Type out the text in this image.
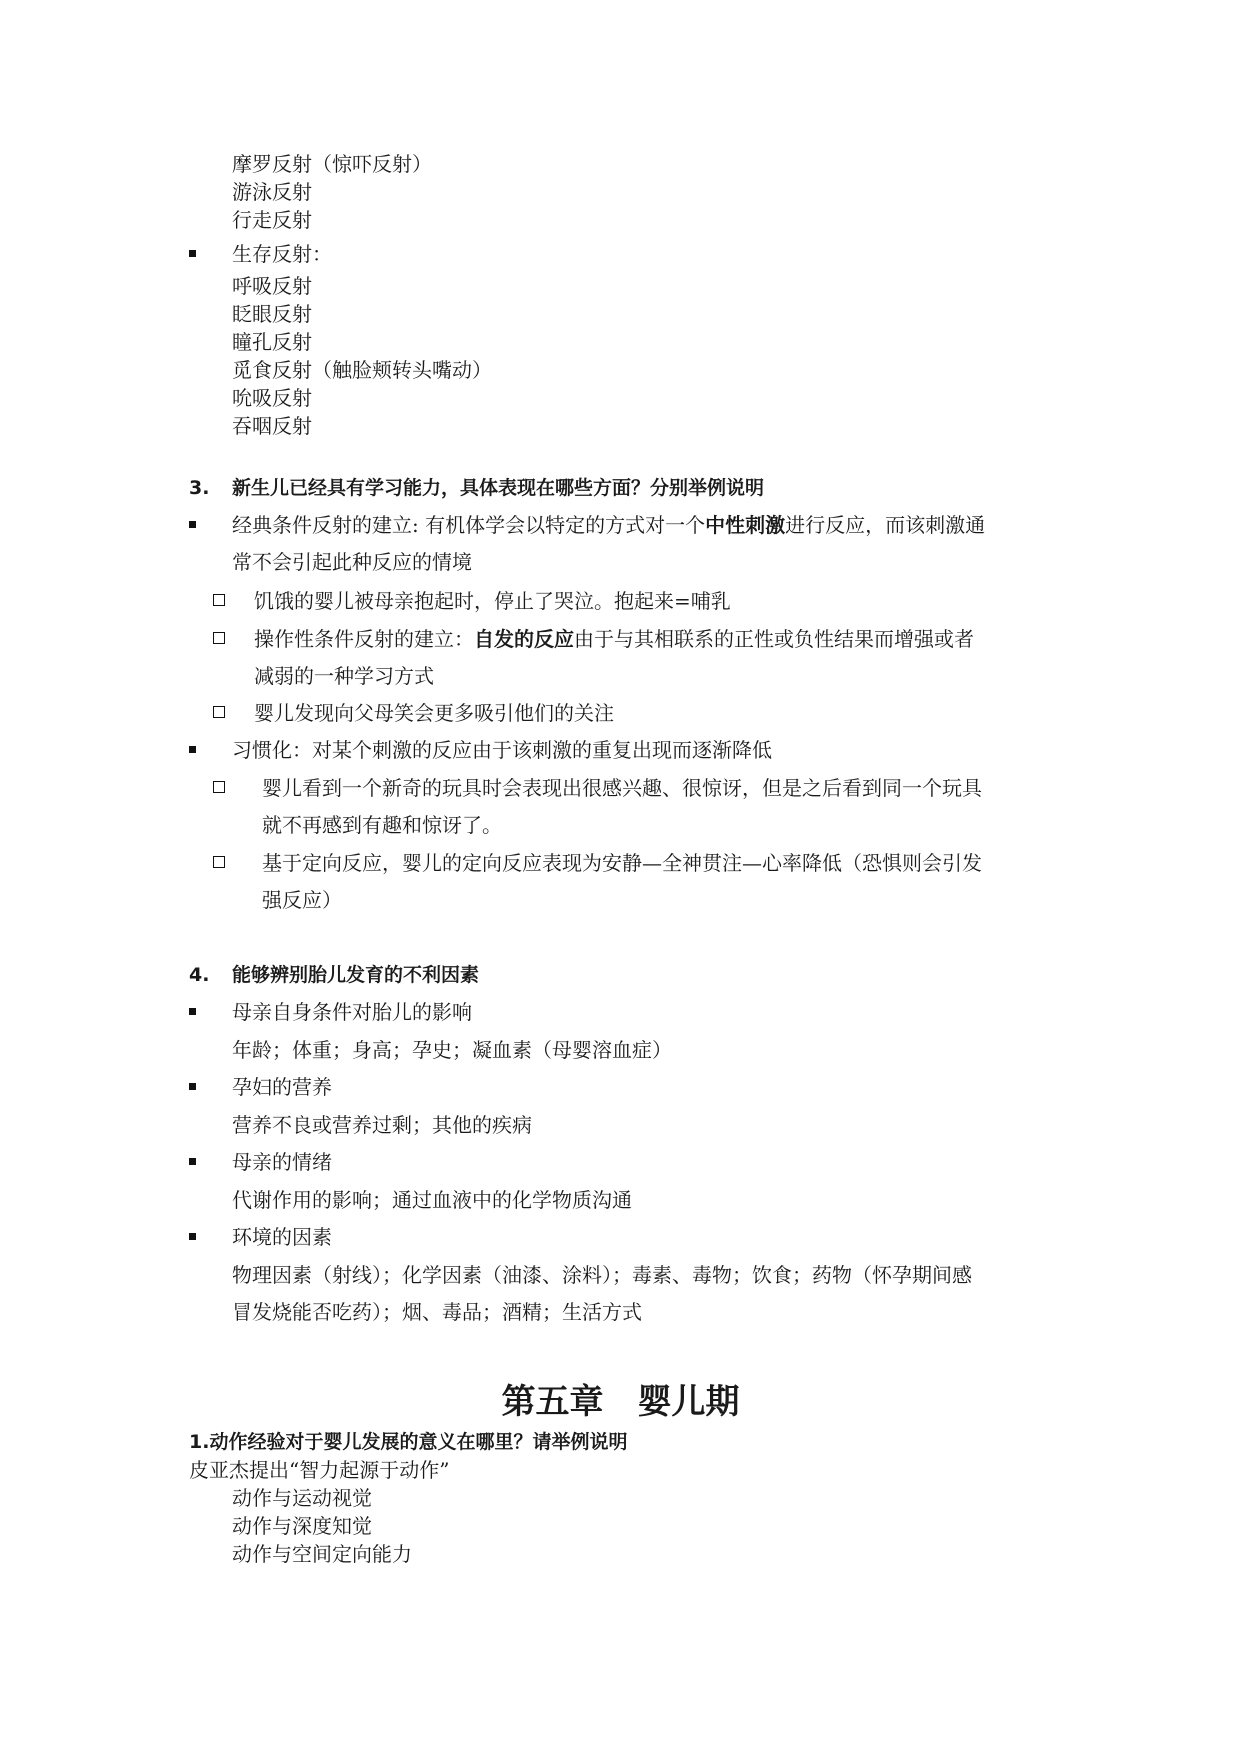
摩罗反射（惊吓反射）
游泳反射
行走反射
生存反射：
呼吸反射
眨眼反射
瞳孔反射
觅食反射（触脸颊转头嘴动）
吮吸反射
吞咽反射
3. 新生儿已经具有学习能力，具体表现在哪些方面？分别举例说明
经典条件反射的建立: 有机体学会以特定的方式对一个中性刺激进行反应，而该刺激通
常不会引起此种反应的情境
饥饿的婴儿被母亲抱起时，停止了哭泣。抱起来=哺乳
操作性条件反射的建立：自发的反应由于与其相联系的正性或负性结果而增强或者
减弱的一种学习方式
婴儿发现向父母笑会更多吸引他们的关注
习惯化：对某个刺激的反应由于该刺激的重复出现而逐渐降低
婴儿看到一个新奇的玩具时会表现出很感兴趣、很惊讶，但是之后看到同一个玩具
就不再感到有趣和惊讶了。
基于定向反应，婴儿的定向反应表现为安静—全神贯注—心率降低（恐惧则会引发
强反应）
4. 能够辨别胎儿发育的不利因素
母亲自身条件对胎儿的影响
年龄；体重；身高；孕史；凝血素（母婴溶血症）
孕妇的营养
营养不良或营养过剩；其他的疾病
母亲的情绪
代谢作用的影响；通过血液中的化学物质沟通
环境的因素
物理因素（射线）；化学因素（油漆、涂料）；毒素、毒物；饮食；药物（怀孕期间感
冒发烧能否吃药）；烟、毒品；酒精；生活方式
第五章　婴儿期
1.动作经验对于婴儿发展的意义在哪里？请举例说明
皮亚杰提出“智力起源于动作”
动作与运动视觉
动作与深度知觉
动作与空间定向能力
